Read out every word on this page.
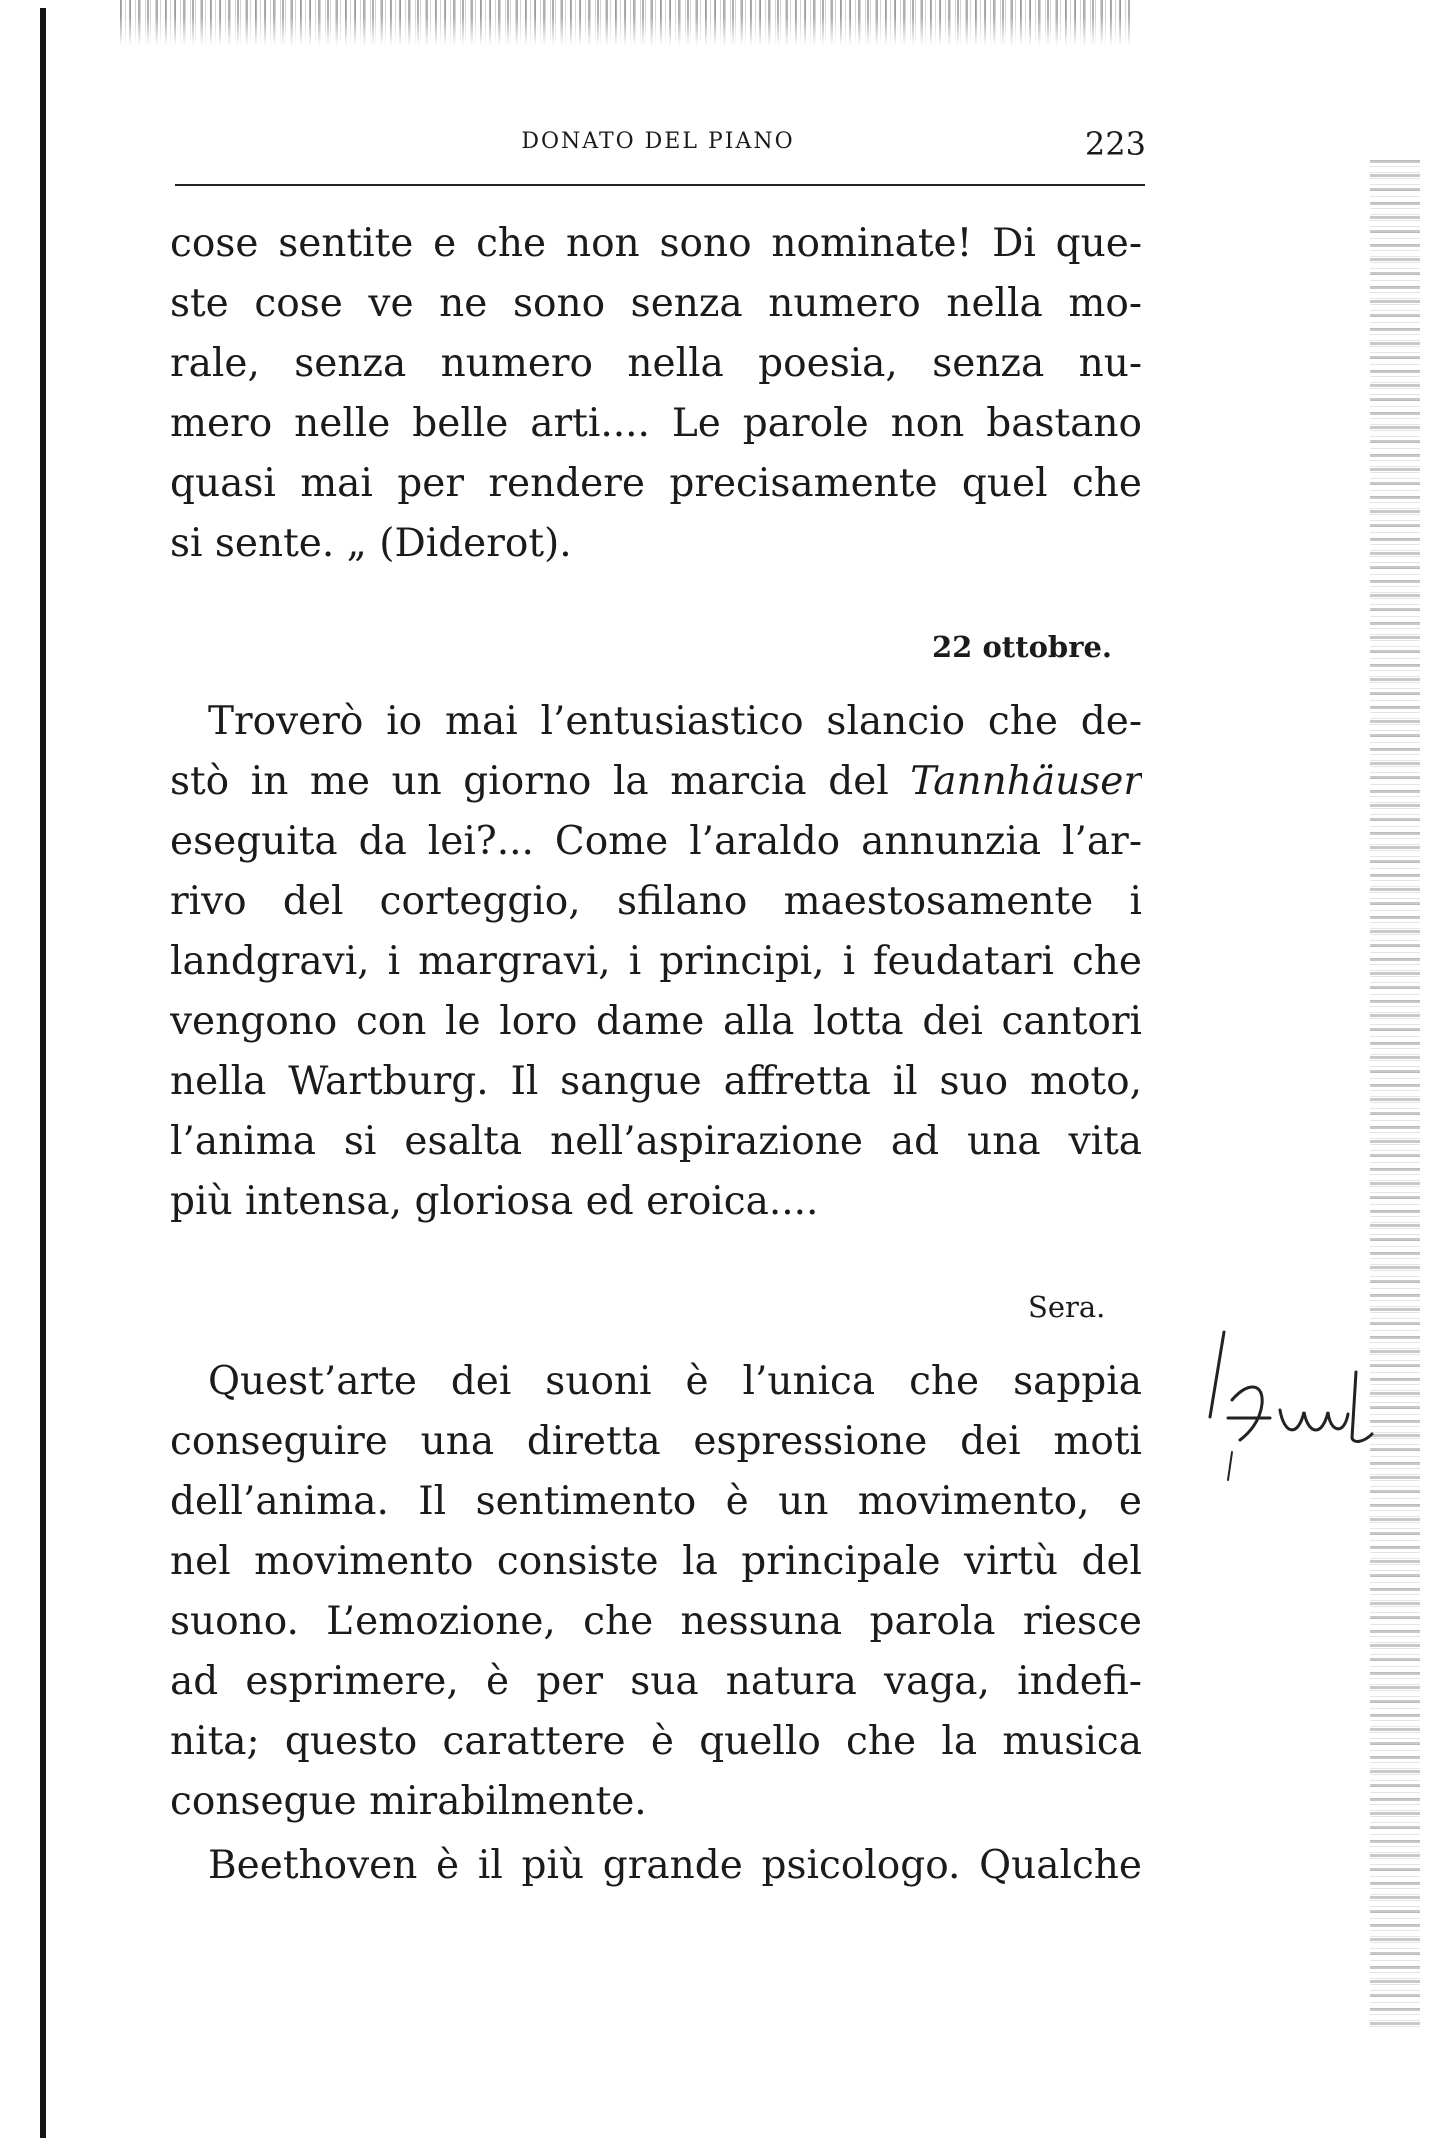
DONATO DEL PIANO	223
cose sentite e che non sono nominate! Di que-
ste cose ve ne sono senza numero nella mo-
rale, senza numero nella poesia, senza nu-
mero nelle belle arti.... Le parole non bastano
quasi mai per rendere precisamente quel che
si sente. „ (Diderot).
22 ottobre.
Troverò io mai l’entusiastico slancio che de-
stò in me un giorno la marcia del Tannhäuser
eseguita da lei?... Come l’araldo annunzia l’ar-
rivo del corteggio, sfilano maestosamente i
landgravi, i margravi, i principi, i feudatari che
vengono con le loro dame alla lotta dei cantori
nella Wartburg. Il sangue affretta il suo moto,
l’anima si esalta nell’aspirazione ad una vita
più intensa, gloriosa ed eroica....
Sera.
Quest’arte dei suoni è l’unica che sappia
conseguire una diretta espressione dei moti
dell’anima. Il sentimento è un movimento, e
nel movimento consiste la principale virtù del
suono. L’emozione, che nessuna parola riesce
ad esprimere, è per sua natura vaga, indefi-
nita; questo carattere è quello che la musica
consegue mirabilmente.
Beethoven è il più grande psicologo. Qualche
